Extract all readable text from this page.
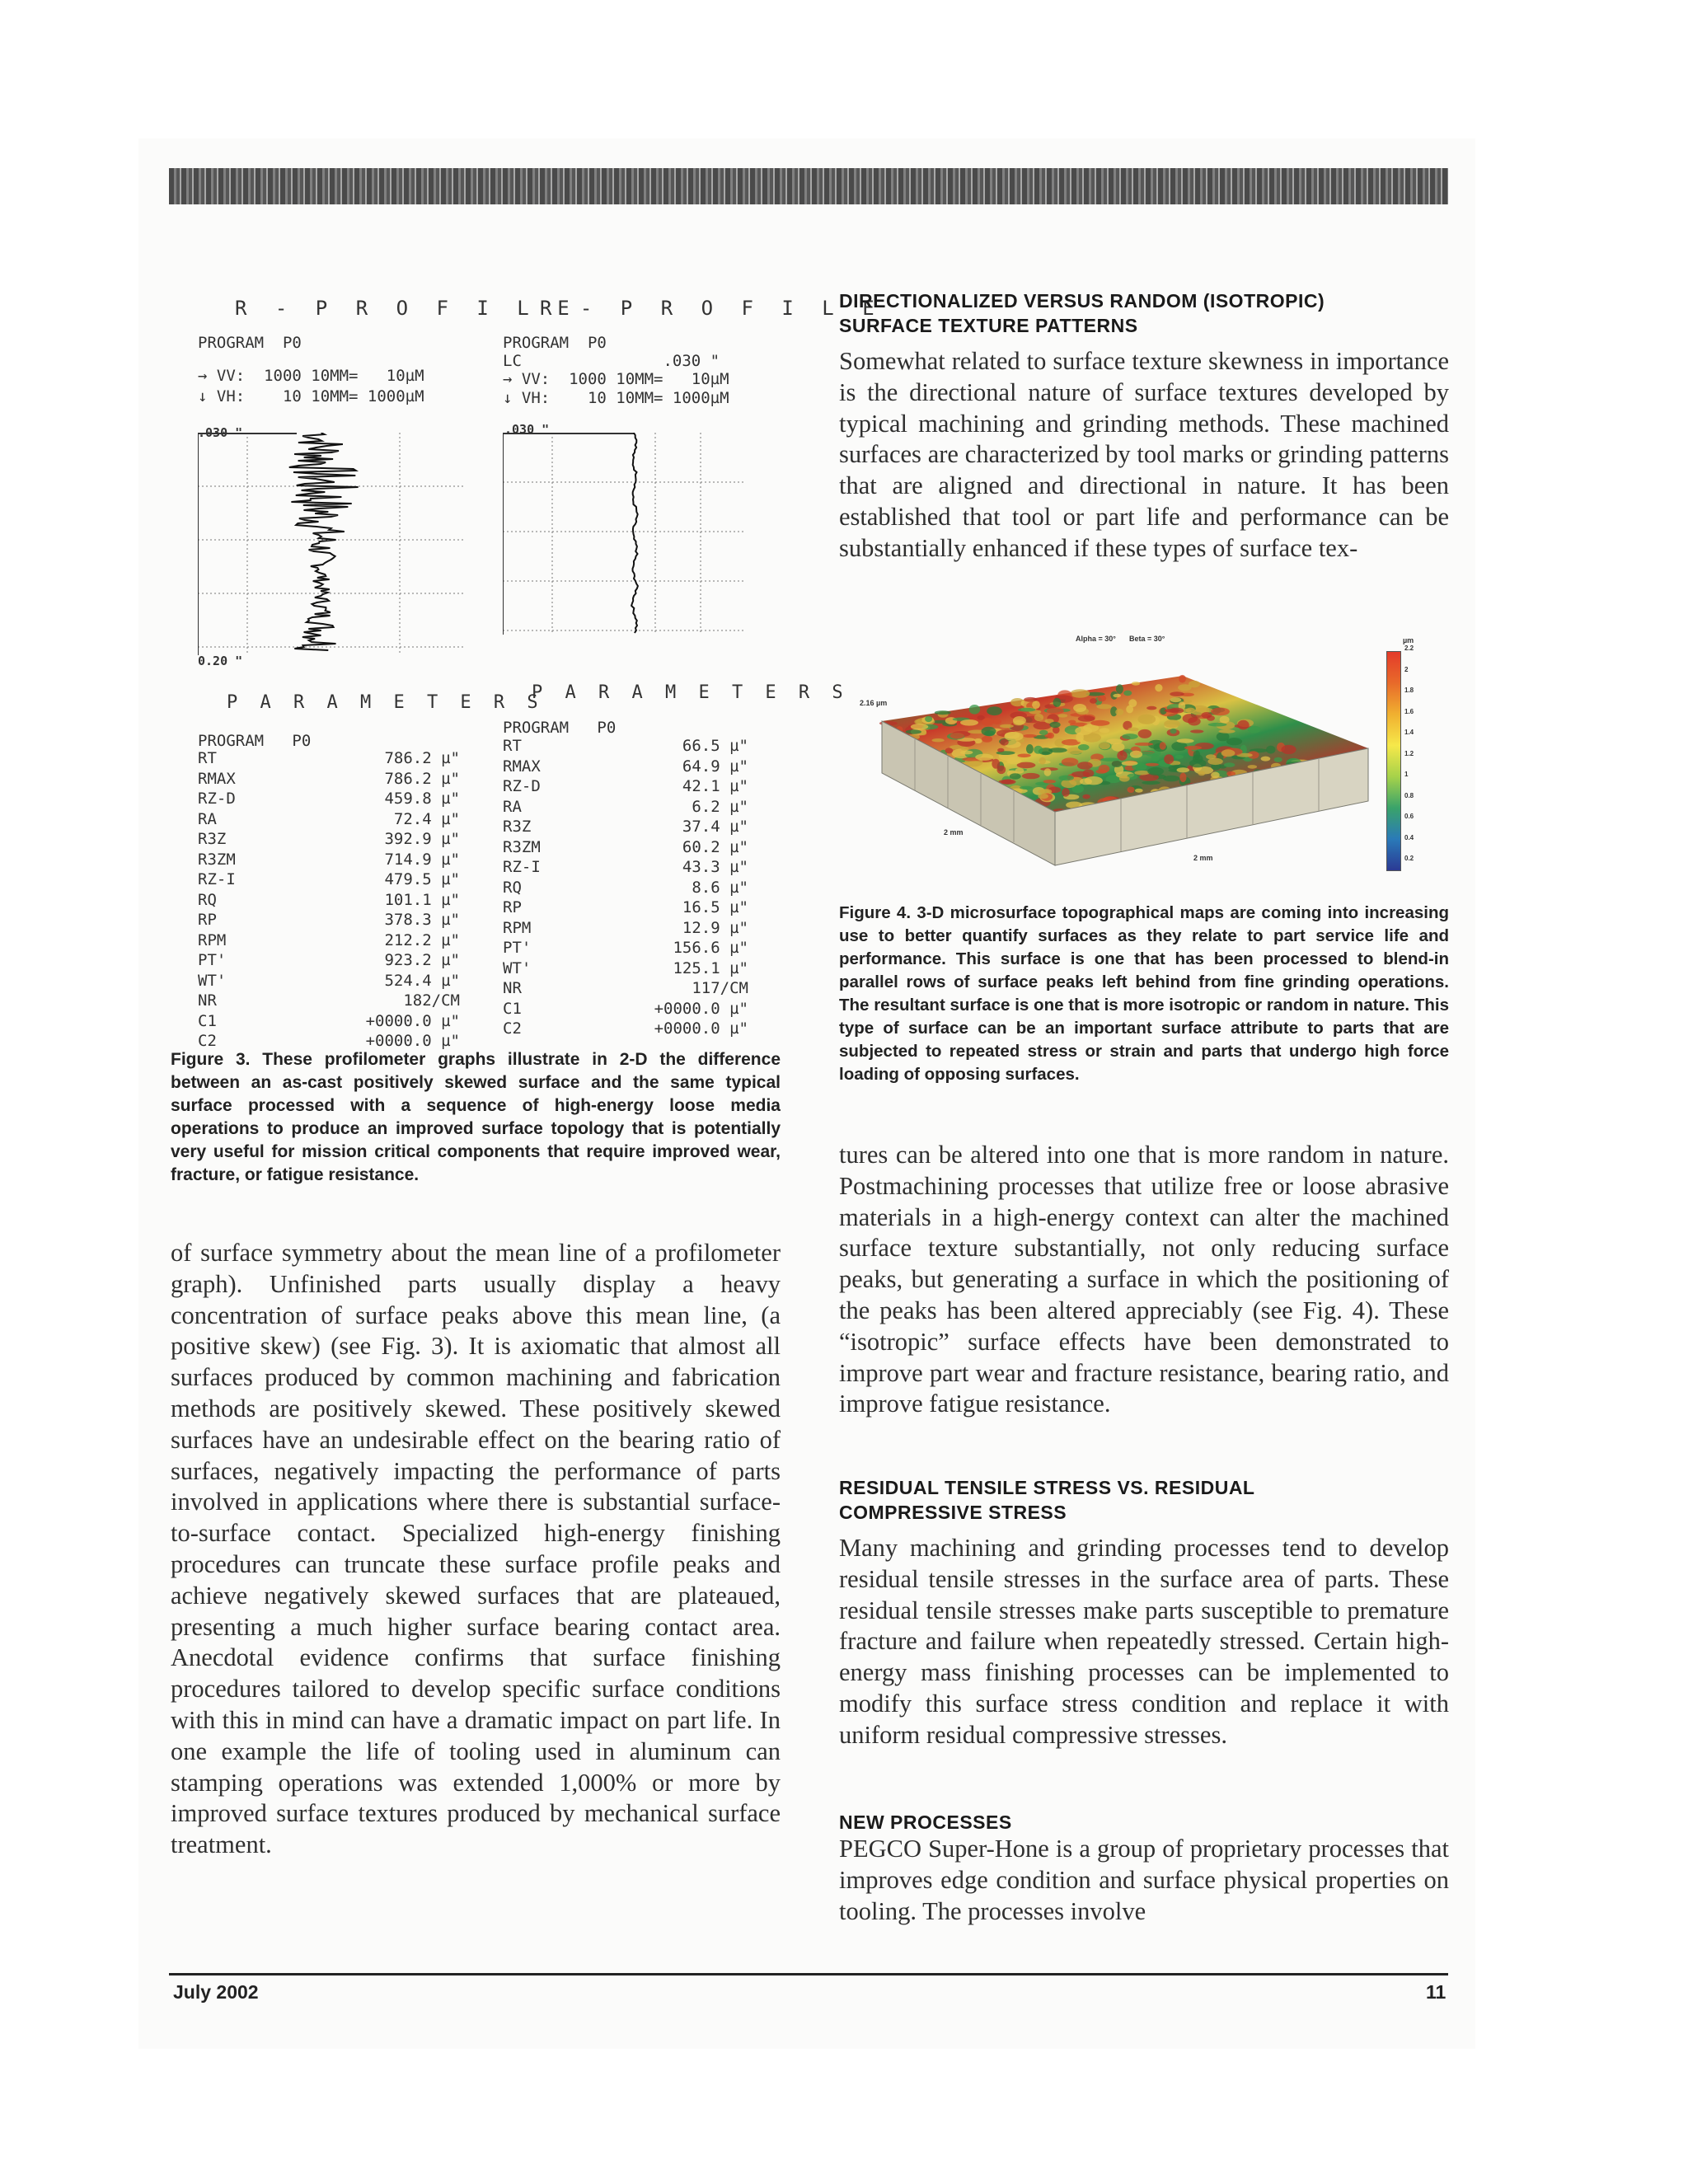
R - P R O F I L E
PROGRAM  P0
→ VV:  1000 10MM=   10µM
↓ VH:    10 10MM= 1000µM
.030 "
0.20 "
R - P R O F I L E
PROGRAM  P0
LC               .030 "
→ VV:  1000 10MM=   10µM
↓ VH:    10 10MM= 1000µM
.030 "
P A R A M E T E R S
PROGRAM   P0
RT	786.2 µ"
RMAX	786.2 µ"
RZ-D	459.8 µ"
RA	72.4 µ"
R3Z	392.9 µ"
R3ZM	714.9 µ"
RZ-I	479.5 µ"
RQ	101.1 µ"
RP	378.3 µ"
RPM	212.2 µ"
PT'	923.2 µ"
WT'	524.4 µ"
NR	182/CM
C1	+0000.0 µ"
C2	+0000.0 µ"
P A R A M E T E R S
PROGRAM   P0
RT	66.5 µ"
RMAX	64.9 µ"
RZ-D	42.1 µ"
RA	6.2 µ"
R3Z	37.4 µ"
R3ZM	60.2 µ"
RZ-I	43.3 µ"
RQ	8.6 µ"
RP	16.5 µ"
RPM	12.9 µ"
PT'	156.6 µ"
WT'	125.1 µ"
NR	117/CM
C1	+0000.0 µ"
C2	+0000.0 µ"
Figure 3. These profilometer graphs illustrate in 2-D the difference between an as-cast positively skewed surface and the same typical surface processed with a sequence of high-energy loose media operations to produce an improved surface topology that is potentially very useful for mission critical components that require improved wear, fracture, or fatigue resistance.

of surface symmetry about the mean line of a profilometer graph). Unfinished parts usually display a heavy concentration of surface peaks above this mean line, (a positive skew) (see Fig. 3). It is axiomatic that almost all surfaces produced by common machining and fabrication methods are positively skewed. These positively skewed surfaces have an undesirable effect on the bearing ratio of surfaces, negatively impacting the performance of parts involved in applications where there is substantial surface-to-surface contact. Specialized high-energy finishing procedures can truncate these surface profile peaks and achieve negatively skewed surfaces that are plateaued, presenting a much higher surface bearing contact area. Anecdotal evidence confirms that surface finishing procedures tailored to develop specific surface conditions with this in mind can have a dramatic impact on part life. In one example the life of tooling used in aluminum can stamping operations was extended 1,000% or more by improved surface textures produced by mechanical surface treatment.

DIRECTIONALIZED VERSUS RANDOM (ISOTROPIC)
SURFACE TEXTURE PATTERNS

Somewhat related to surface texture skewness in importance is the directional nature of surface textures developed by typical machining and grinding methods. These machined surfaces are characterized by tool marks or grinding patterns that are aligned and directional in nature. It has been established that tool or part life and performance can be substantially enhanced if these types of surface tex-

Alpha = 30° Beta = 30°
2.16 µm
2 mm
2 mm
µm
2.2
2
1.8
1.6
1.4
1.2
1
0.8
0.6
0.4
0.2
Figure 4. 3-D microsurface topographical maps are coming into increasing use to better quantify surfaces as they relate to part service life and performance. This surface is one that has been processed to blend-in parallel rows of surface peaks left behind from fine grinding operations. The resultant surface is one that is more isotropic or random in nature. This type of surface can be an important surface attribute to parts that are subjected to repeated stress or strain and parts that undergo high force loading of opposing surfaces.

tures can be altered into one that is more random in nature. Postmachining processes that utilize free or loose abrasive materials in a high-energy context can alter the machined surface texture substantially, not only reducing surface peaks, but generating a surface in which the positioning of the peaks has been altered appreciably (see Fig. 4). These “isotropic” surface effects have been demonstrated to improve part wear and fracture resistance, bearing ratio, and improve fatigue resistance.

RESIDUAL TENSILE STRESS VS. RESIDUAL
COMPRESSIVE STRESS

Many machining and grinding processes tend to develop residual tensile stresses in the surface area of parts. These residual tensile stresses make parts susceptible to premature fracture and failure when repeatedly stressed. Certain high-energy mass finishing processes can be implemented to modify this surface stress condition and replace it with uniform residual compressive stresses.

NEW PROCESSES

PEGCO Super-Hone is a group of proprietary processes that improves edge condition and surface physical properties on tooling. The processes involve

July 2002	11
